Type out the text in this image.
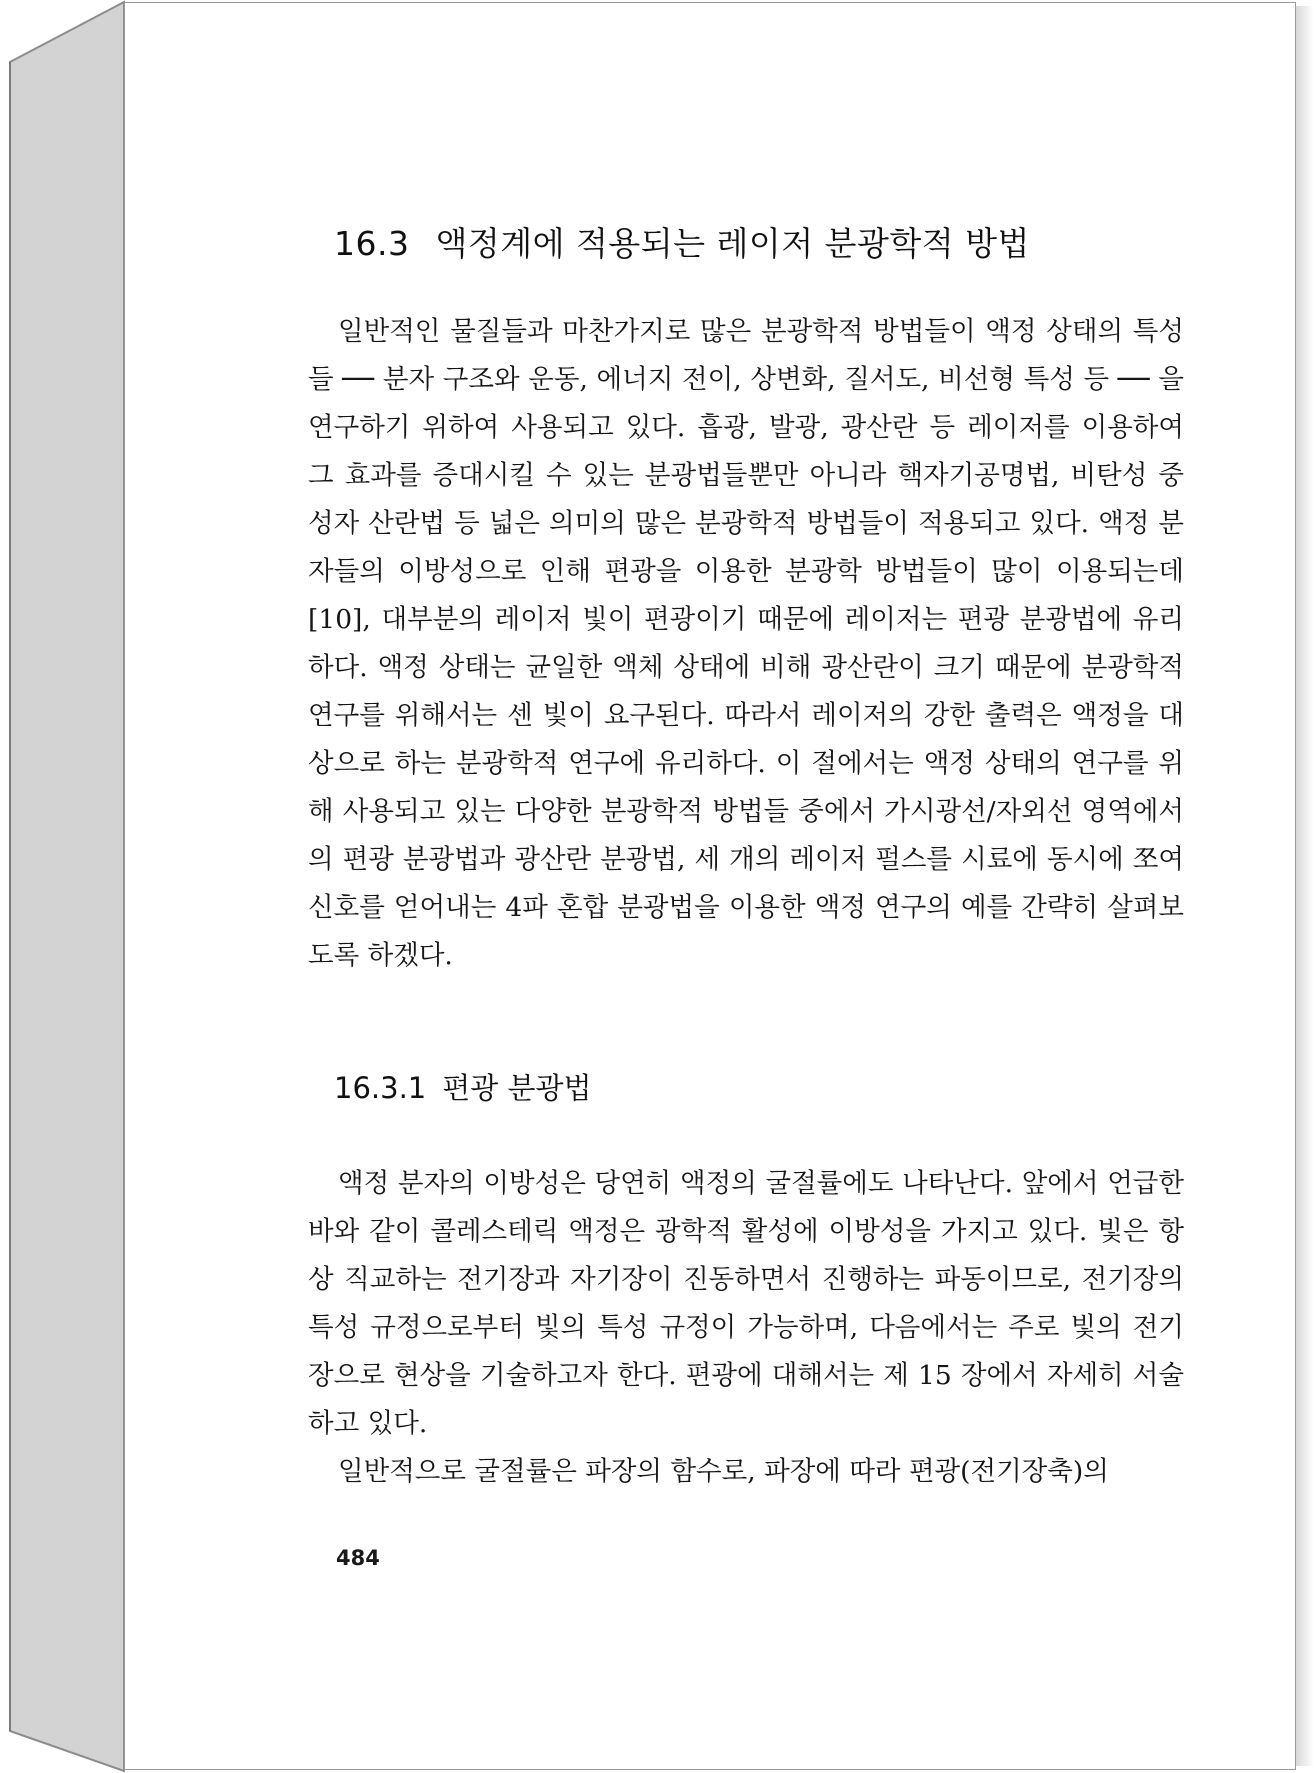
16.3 액정계에 적용되는 레이저 분광학적 방법

일반적인 물질들과 마찬가지로 많은 분광학적 방법들이 액정 상태의 특성들 ── 분자 구조와 운동, 에너지 전이, 상변화, 질서도, 비선형 특성 등 ── 을 연구하기 위하여 사용되고 있다. 흡광, 발광, 광산란 등 레이저를 이용하여 그 효과를 증대시킬 수 있는 분광법들뿐만 아니라 핵자기공명법, 비탄성 중성자 산란법 등 넓은 의미의 많은 분광학적 방법들이 적용되고 있다. 액정 분자들의 이방성으로 인해 편광을 이용한 분광학 방법들이 많이 이용되는데[10], 대부분의 레이저 빛이 편광이기 때문에 레이저는 편광 분광법에 유리하다. 액정 상태는 균일한 액체 상태에 비해 광산란이 크기 때문에 분광학적 연구를 위해서는 센 빛이 요구된다. 따라서 레이저의 강한 출력은 액정을 대상으로 하는 분광학적 연구에 유리하다. 이 절에서는 액정 상태의 연구를 위해 사용되고 있는 다양한 분광학적 방법들 중에서 가시광선/자외선 영역에서의 편광 분광법과 광산란 분광법, 세 개의 레이저 펄스를 시료에 동시에 쪼여 신호를 얻어내는 4파 혼합 분광법을 이용한 액정 연구의 예를 간략히 살펴보도록 하겠다.

16.3.1 편광 분광법

액정 분자의 이방성은 당연히 액정의 굴절률에도 나타난다. 앞에서 언급한 바와 같이 콜레스테릭 액정은 광학적 활성에 이방성을 가지고 있다. 빛은 항상 직교하는 전기장과 자기장이 진동하면서 진행하는 파동이므로, 전기장의 특성 규정으로부터 빛의 특성 규정이 가능하며, 다음에서는 주로 빛의 전기장으로 현상을 기술하고자 한다. 편광에 대해서는 제 15 장에서 자세히 서술하고 있다.

일반적으로 굴절률은 파장의 함수로, 파장에 따라 편광(전기장축)의

484
